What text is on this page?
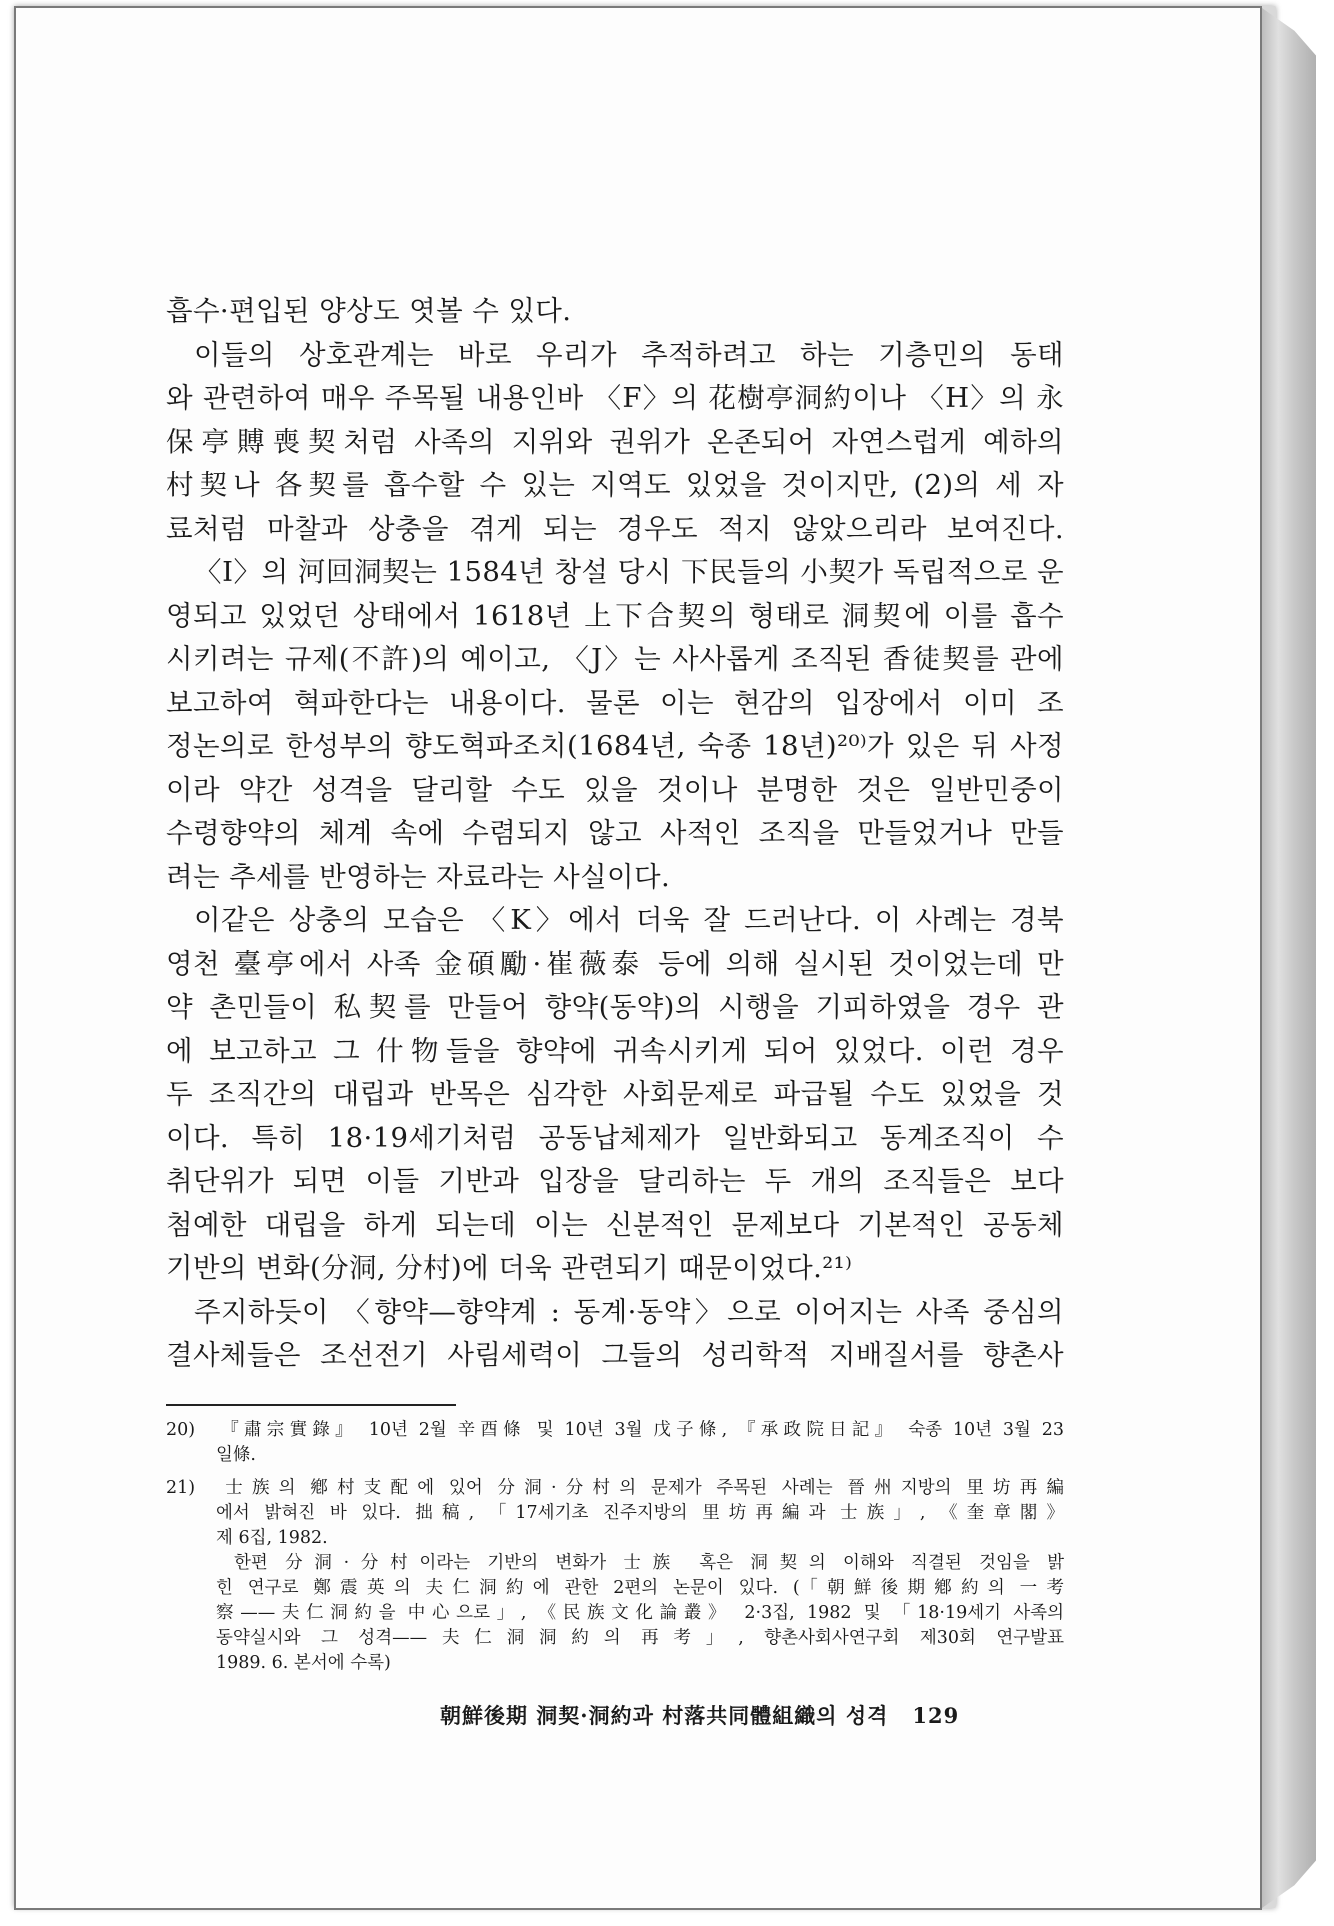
흡수·편입된 양상도 엿볼 수 있다.
이들의 상호관계는 바로 우리가 추적하려고 하는 기층민의 동태
와 관련하여 매우 주목될 내용인바 〈F〉의 花樹亭洞約이나 〈H〉의 永
保亭賻喪契처럼 사족의 지위와 권위가 온존되어 자연스럽게 예하의
村契나 各契를 흡수할 수 있는 지역도 있었을 것이지만, (2)의 세 자
료처럼 마찰과 상충을 겪게 되는 경우도 적지 않았으리라 보여진다.
〈I〉의 河回洞契는 1584년 창설 당시 下民들의 小契가 독립적으로 운
영되고 있었던 상태에서 1618년 上下合契의 형태로 洞契에 이를 흡수
시키려는 규제(不許)의 예이고, 〈J〉는 사사롭게 조직된 香徒契를 관에
보고하여 혁파한다는 내용이다. 물론 이는 현감의 입장에서 이미 조
정논의로 한성부의 향도혁파조치(1684년, 숙종 18년)²⁰⁾가 있은 뒤 사정
이라 약간 성격을 달리할 수도 있을 것이나 분명한 것은 일반민중이
수령향약의 체계 속에 수렴되지 않고 사적인 조직을 만들었거나 만들
려는 추세를 반영하는 자료라는 사실이다.
이같은 상충의 모습은 〈K〉에서 더욱 잘 드러난다. 이 사례는 경북
영천 臺亭에서 사족 金碩勵·崔薇泰 등에 의해 실시된 것이었는데 만
약 촌민들이 私契를 만들어 향약(동약)의 시행을 기피하였을 경우 관
에 보고하고 그 什物들을 향약에 귀속시키게 되어 있었다. 이런 경우
두 조직간의 대립과 반목은 심각한 사회문제로 파급될 수도 있었을 것
이다. 특히 18·19세기처럼 공동납체제가 일반화되고 동계조직이 수
취단위가 되면 이들 기반과 입장을 달리하는 두 개의 조직들은 보다
첨예한 대립을 하게 되는데 이는 신분적인 문제보다 기본적인 공동체
기반의 변화(分洞, 分村)에 더욱 관련되기 때문이었다.²¹⁾
주지하듯이 〈향약—향약계 : 동계·동약〉으로 이어지는 사족 중심의
결사체들은 조선전기 사림세력이 그들의 성리학적 지배질서를 향촌사
20) 『肅宗實錄』 10년 2월 辛酉條 및 10년 3월 戊子條, 『承政院日記』 숙종 10년 3월 23
일條.
21) 士族의 鄕村支配에 있어 分洞·分村의 문제가 주목된 사례는 晉州지방의 里坊再編
에서 밝혀진 바 있다. 拙稿, 「17세기초 진주지방의 里坊再編과 士族」, 《奎章閣》
제 6집, 1982.
한편 分洞·分村이라는 기반의 변화가 士族 혹은 洞契의 이해와 직결된 것임을 밝
힌 연구로 鄭震英의 夫仁洞約에 관한 2편의 논문이 있다. (「朝鮮後期鄕約의 一考
察——夫仁洞約을 中心으로」, 《民族文化論叢》 2·3집, 1982 및 「18·19세기 사족의
동약실시와 그 성격——夫仁洞洞約의 再考」, 향촌사회사연구회 제30회 연구발표
1989. 6. 본서에 수록)
朝鮮後期 洞契·洞約과 村落共同體組織의 성격 129
